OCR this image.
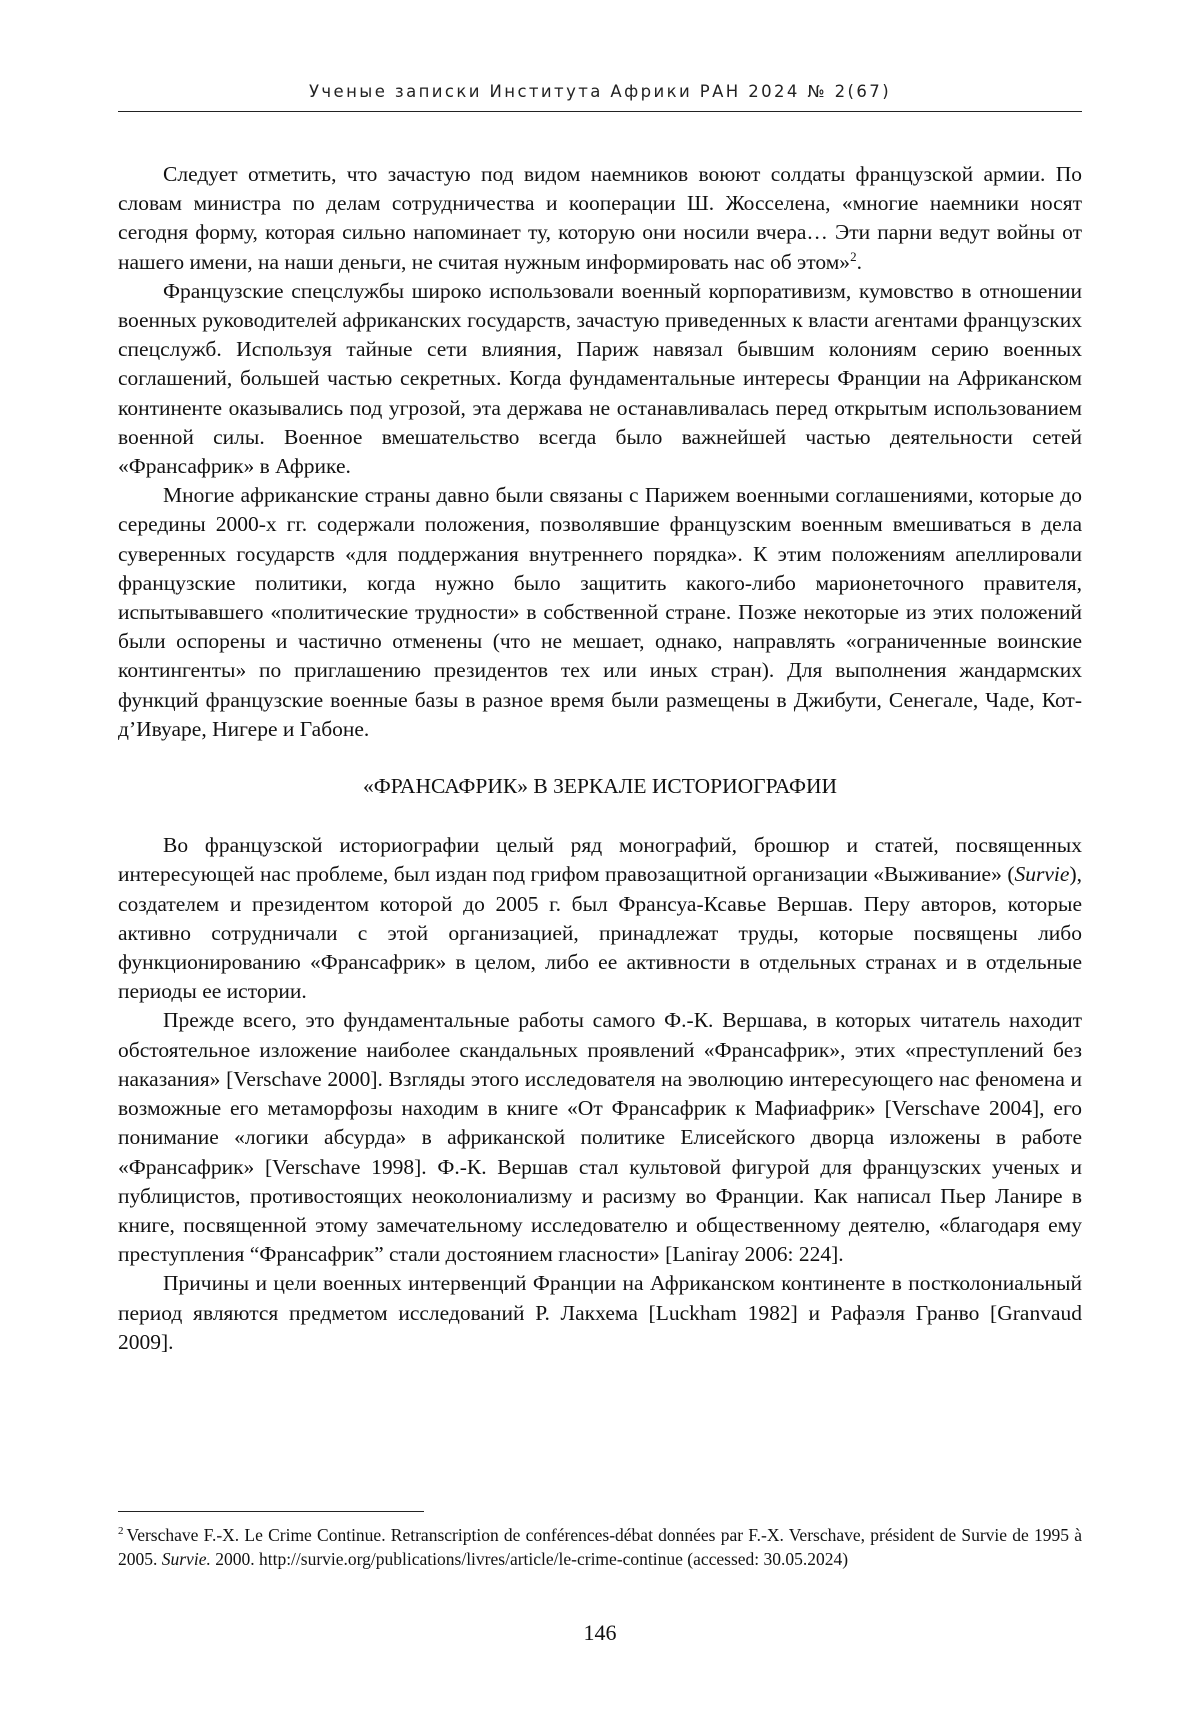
Ученые записки Института Африки РАН 2024 № 2(67)

Следует отметить, что зачастую под видом наемников воюют солдаты французской армии. По словам министра по делам сотрудничества и кооперации Ш. Жосселена, «многие наемники носят сегодня форму, которая сильно напоминает ту, которую они носили вчера… Эти парни ведут войны от нашего имени, на наши деньги, не считая нужным информировать нас об этом»$^2$.

Французские спецслужбы широко использовали военный корпоративизм, кумовство в отношении военных руководителей африканских государств, зачастую приведенных к власти агентами французских спецслужб. Используя тайные сети влияния, Париж навязал бывшим колониям серию военных соглашений, большей частью секретных. Когда фундаментальные интересы Франции на Африканском континенте оказывались под угрозой, эта держава не останавливалась перед открытым использованием военной силы. Военное вмешательство всегда было важнейшей частью деятельности сетей «Франсафрик» в Африке.

Многие африканские страны давно были связаны с Парижем военными соглашениями, которые до середины 2000-х гг. содержали положения, позволявшие французским военным вмешиваться в дела суверенных государств «для поддержания внутреннего порядка». К этим положениям апеллировали французские политики, когда нужно было защитить какого-либо марионеточного правителя, испытывавшего «политические трудности» в собственной стране. Позже некоторые из этих положений были оспорены и частично отменены (что не мешает, однако, направлять «ограниченные воинские контингенты» по приглашению президентов тех или иных стран). Для выполнения жандармских функций французские военные базы в разное время были размещены в Джибути, Сенегале, Чаде, Кот-д’Ивуаре, Нигере и Габоне.

«ФРАНСАФРИК» В ЗЕРКАЛЕ ИСТОРИОГРАФИИ

Во французской историографии целый ряд монографий, брошюр и статей, посвященных интересующей нас проблеме, был издан под грифом правозащитной организации «Выживание» (Survie), создателем и президентом которой до 2005 г. был Франсуа-Ксавье Вершав. Перу авторов, которые активно сотрудничали с этой организацией, принадлежат труды, которые посвящены либо функционированию «Франсафрик» в целом, либо ее активности в отдельных странах и в отдельные периоды ее истории.

Прежде всего, это фундаментальные работы самого Ф.-К. Вершава, в которых читатель находит обстоятельное изложение наиболее скандальных проявлений «Франсафрик», этих «преступлений без наказания» [Verschave 2000]. Взгляды этого исследователя на эволюцию интересующего нас феномена и возможные его метаморфозы находим в книге «От Франсафрик к Мафиафрик» [Verschave 2004], его понимание «логики абсурда» в африканской политике Елисейского дворца изложены в работе «Франсафрик» [Verschave 1998]. Ф.-К. Вершав стал культовой фигурой для французских ученых и публицистов, противостоящих неоколониализму и расизму во Франции. Как написал Пьер Ланире в книге, посвященной этому замечательному исследователю и общественному деятелю, «благодаря ему преступления “Франсафрик” стали достоянием гласности» [Laniray 2006: 224].

Причины и цели военных интервенций Франции на Африканском континенте в постколониальный период являются предметом исследований Р. Лакхема [Luckham 1982] и Рафаэля Гранво [Granvaud 2009].

$^2$ Verschave F.-X. Le Crime Continue. Retranscription de conférences-débat données par F.-X. Verschave, président de Survie de 1995 à 2005. Survie. 2000. http://survie.org/publications/livres/article/le-crime-continue (accessed: 30.05.2024)
146
